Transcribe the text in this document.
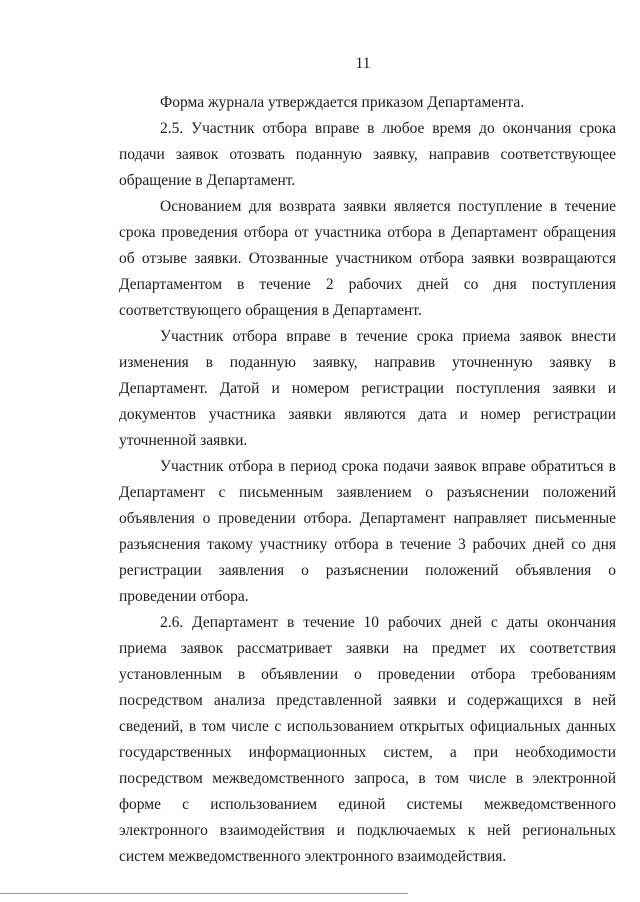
11

Форма журнала утверждается приказом Департамента.

2.5. Участник отбора вправе в любое время до окончания срока подачи заявок отозвать поданную заявку, направив соответствующее обращение в Департамент.

Основанием для возврата заявки является поступление в течение срока проведения отбора от участника отбора в Департамент обращения об отзыве заявки. Отозванные участником отбора заявки возвращаются Департаментом в течение 2 рабочих дней со дня поступления соответствующего обращения в Департамент.

Участник отбора вправе в течение срока приема заявок внести изменения в поданную заявку, направив уточненную заявку в Департамент. Датой и номером регистрации поступления заявки и документов участника заявки являются дата и номер регистрации уточненной заявки.

Участник отбора в период срока подачи заявок вправе обратиться в Департамент с письменным заявлением о разъяснении положений объявления о проведении отбора. Департамент направляет письменные разъяснения такому участнику отбора в течение 3 рабочих дней со дня регистрации заявления о разъяснении положений объявления о проведении отбора.

2.6. Департамент в течение 10 рабочих дней с даты окончания приема заявок рассматривает заявки на предмет их соответствия установленным в объявлении о проведении отбора требованиям посредством анализа представленной заявки и содержащихся в ней сведений, в том числе с использованием открытых официальных данных государственных информационных систем, а при необходимости посредством межведомственного запроса, в том числе в электронной форме с использованием единой системы межведомственного электронного взаимодействия и подключаемых к ней региональных систем межведомственного электронного взаимодействия.
